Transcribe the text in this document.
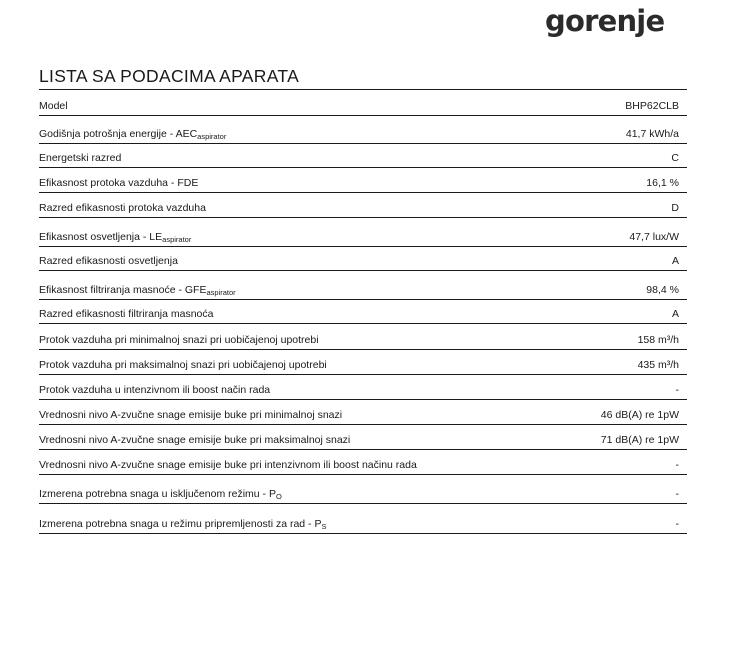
gorenje
LISTA SA PODACIMA APARATA
Model	BHP62CLB
Godišnja potrošnja energije - $AEC_{aspirator}$	41,7 kWh/a
Energetski razred	C
Efikasnost protoka vazduha - FDE	16,1 %
Razred efikasnosti protoka vazduha	D
Efikasnost osvetljenja - $LE_{aspirator}$	47,7 lux/W
Razred efikasnosti osvetljenja	A
Efikasnost filtriranja masnoće - $GFE_{aspirator}$	98,4 %
Razred efikasnosti filtriranja masnoća	A
Protok vazduha pri minimalnoj snazi pri uobičajenoj upotrebi	158 m³/h
Protok vazduha pri maksimalnoj snazi pri uobičajenoj upotrebi	435 m³/h
Protok vazduha u intenzivnom ili boost način rada	-
Vrednosni nivo A-zvučne snage emisije buke pri minimalnoj snazi	46 dB(A) re 1pW
Vrednosni nivo A-zvučne snage emisije buke pri maksimalnoj snazi	71 dB(A) re 1pW
Vrednosni nivo A-zvučne snage emisije buke pri intenzivnom ili boost načinu rada	-
Izmerena potrebna snaga u isključenom režimu - $P_O$	-
Izmerena potrebna snaga u režimu pripremljenosti za rad - $P_S$	-
